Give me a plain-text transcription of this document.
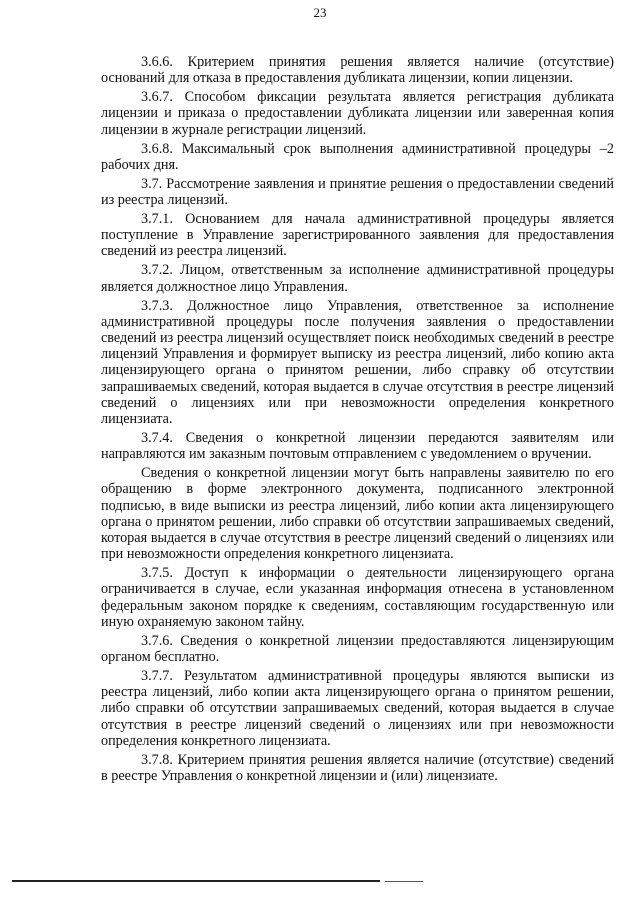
23

3.6.6. Критерием принятия решения является наличие (отсутствие) оснований для отказа в предоставления дубликата лицензии, копии лицензии.

3.6.7. Способом фиксации результата является регистрация дубликата лицензии и приказа о предоставлении дубликата лицензии или заверенная копия лицензии в журнале регистрации лицензий.

3.6.8. Максимальный срок выполнения административной процедуры –2 рабочих дня.

3.7. Рассмотрение заявления и принятие решения о предоставлении сведений из реестра лицензий.

3.7.1. Основанием для начала административной процедуры является поступление в Управление зарегистрированного заявления для предоставления сведений из реестра лицензий.

3.7.2. Лицом, ответственным за исполнение административной процедуры является должностное лицо Управления.

3.7.3. Должностное лицо Управления, ответственное за исполнение административной процедуры после получения заявления о предоставлении сведений из реестра лицензий осуществляет поиск необходимых сведений в реестре лицензий Управления и формирует выписку из реестра лицензий, либо копию акта лицензирующего органа о принятом решении, либо справку об отсутствии запрашиваемых сведений, которая выдается в случае отсутствия в реестре лицензий сведений о лицензиях или при невозможности определения конкретного лицензиата.

3.7.4. Сведения о конкретной лицензии передаются заявителям или направляются им заказным почтовым отправлением с уведомлением о вручении.

Сведения о конкретной лицензии могут быть направлены заявителю по его обращению в форме электронного документа, подписанного электронной подписью, в виде выписки из реестра лицензий, либо копии акта лицензирующего органа о принятом решении, либо справки об отсутствии запрашиваемых сведений, которая выдается в случае отсутствия в реестре лицензий сведений о лицензиях или при невозможности определения конкретного лицензиата.

3.7.5. Доступ к информации о деятельности лицензирующего органа ограничивается в случае, если указанная информация отнесена в установленном федеральным законом порядке к сведениям, составляющим государственную или иную охраняемую законом тайну.

3.7.6. Сведения о конкретной лицензии предоставляются лицензирующим органом бесплатно.

3.7.7. Результатом административной процедуры являются выписки из реестра лицензий, либо копии акта лицензирующего органа о принятом решении, либо справки об отсутствии запрашиваемых сведений, которая выдается в случае отсутствия в реестре лицензий сведений о лицензиях или при невозможности определения конкретного лицензиата.

3.7.8. Критерием принятия решения является наличие (отсутствие) сведений в реестре Управления о конкретной лицензии и (или) лицензиате.
